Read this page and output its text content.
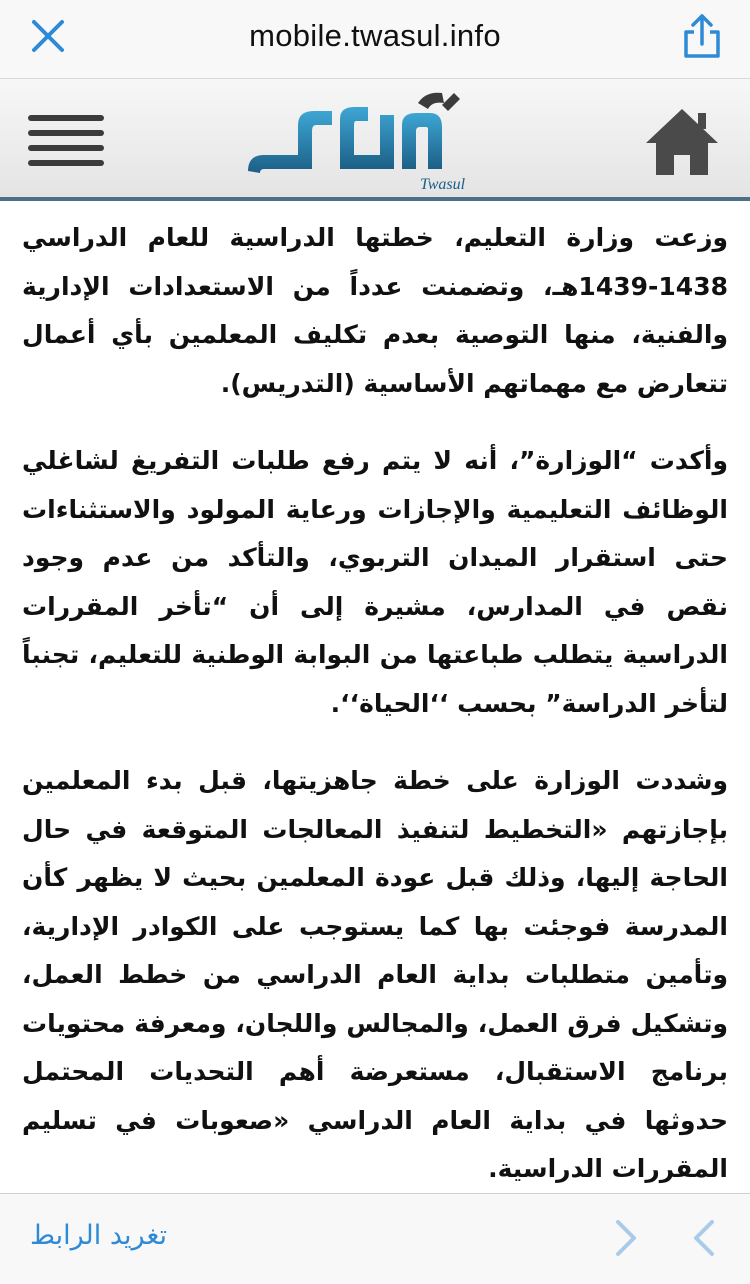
mobile.twasul.info
Twasul

وزعت وزارة التعليم، خطتها الدراسية للعام الدراسي 1438-1439هـ، وتضمنت عدداً من الاستعدادات الإدارية والفنية، منها التوصية بعدم تكليف المعلمين بأي أعمال تتعارض مع مهماتهم الأساسية (التدريس).

وأكدت “الوزارة”، أنه لا يتم رفع طلبات التفريغ لشاغلي الوظائف التعليمية والإجازات ورعاية المولود والاستثناءات حتى استقرار الميدان التربوي، والتأكد من عدم وجود نقص في المدارس، مشيرة إلى أن “تأخر المقررات الدراسية يتطلب طباعتها من البوابة الوطنية للتعليم، تجنباً لتأخر الدراسة” بحسب ‘‘الحياة‘‘.

وشددت الوزارة على خطة جاهزيتها، قبل بدء المعلمين بإجازتهم «التخطيط لتنفيذ المعالجات المتوقعة في حال الحاجة إليها، وذلك قبل عودة المعلمين بحيث لا يظهر كأن المدرسة فوجئت بها كما يستوجب على الكوادر الإدارية، وتأمين متطلبات بداية العام الدراسي من خطط العمل، وتشكيل فرق العمل، والمجالس واللجان، ومعرفة محتويات برنامج الاستقبال، مستعرضة أهم التحديات المحتمل حدوثها في بداية العام الدراسي «صعوبات في تسليم المقررات الدراسية.

تغريد الرابط
